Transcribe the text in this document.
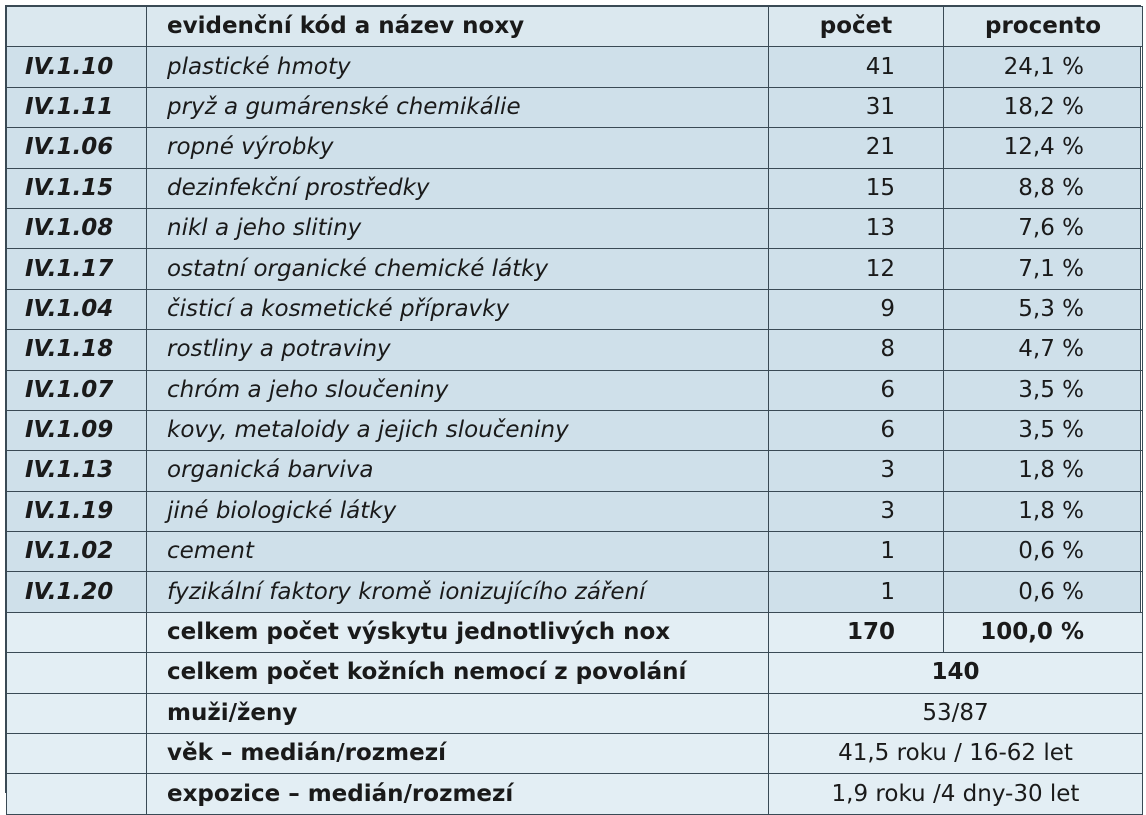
	evidenční kód a název noxy	počet	procento
IV.1.10	plastické hmoty	41	24,1 %
IV.1.11	pryž a gumárenské chemikálie	31	18,2 %
IV.1.06	ropné výrobky	21	12,4 %
IV.1.15	dezinfekční prostředky	15	8,8 %
IV.1.08	nikl a jeho slitiny	13	7,6 %
IV.1.17	ostatní organické chemické látky	12	7,1 %
IV.1.04	čisticí a kosmetické přípravky	9	5,3 %
IV.1.18	rostliny a potraviny	8	4,7 %
IV.1.07	chróm a jeho sloučeniny	6	3,5 %
IV.1.09	kovy, metaloidy a jejich sloučeniny	6	3,5 %
IV.1.13	organická barviva	3	1,8 %
IV.1.19	jiné biologické látky	3	1,8 %
IV.1.02	cement	1	0,6 %
IV.1.20	fyzikální faktory kromě ionizujícího záření	1	0,6 %
	celkem počet výskytu jednotlivých nox	170	100,0 %
	celkem počet kožních nemocí z povolání	140	
	muži/ženy	53/87	
	věk – medián/rozmezí	41,5 roku / 16-62 let	
	expozice – medián/rozmezí	1,9 roku /4 dny-30 let	
